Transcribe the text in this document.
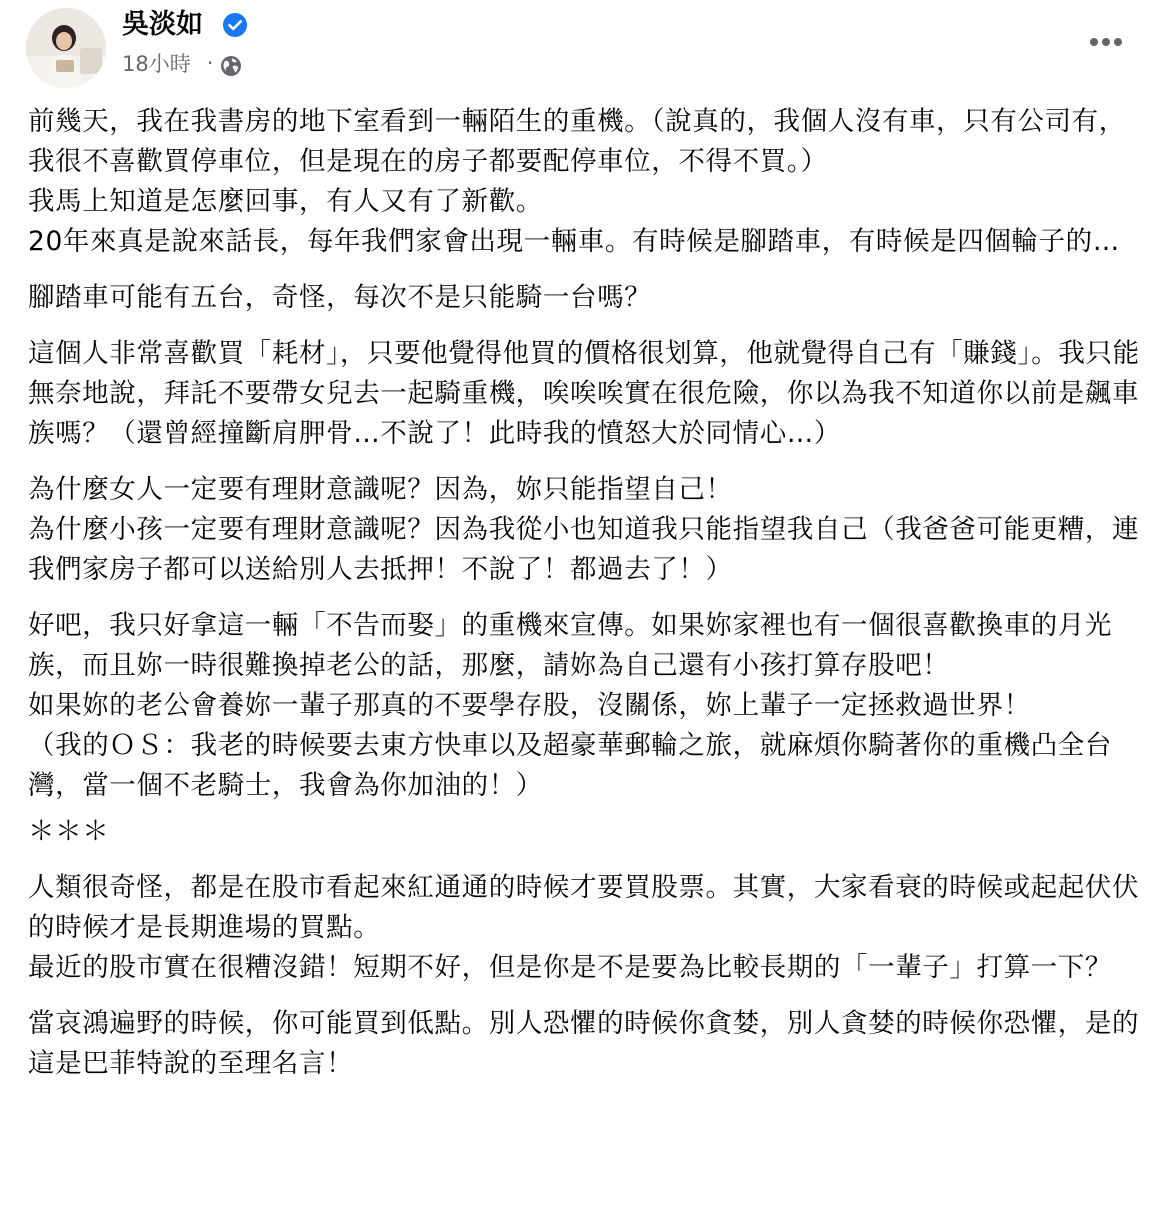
吳淡如
18小時 ·

前幾天，我在我書房的地下室看到一輛陌生的重機。（說真的，我個人沒有車，只有公司有，我很不喜歡買停車位，但是現在的房子都要配停車位，不得不買。）
我馬上知道是怎麼回事，有人又有了新歡。
20年來真是說來話長，每年我們家會出現一輛車。有時候是腳踏車，有時候是四個輪子的…

腳踏車可能有五台，奇怪，每次不是只能騎一台嗎？

這個人非常喜歡買「耗材」，只要他覺得他買的價格很划算，他就覺得自己有「賺錢」。我只能無奈地說，拜託不要帶女兒去一起騎重機，唉唉唉實在很危險，你以為我不知道你以前是飆車族嗎？（還曾經撞斷肩胛骨…不說了！此時我的憤怒大於同情心…）

為什麼女人一定要有理財意識呢？因為，妳只能指望自己！
為什麼小孩一定要有理財意識呢？因為我從小也知道我只能指望我自己（我爸爸可能更糟，連我們家房子都可以送給別人去抵押！不說了！都過去了！）

好吧，我只好拿這一輛「不告而娶」的重機來宣傳。如果妳家裡也有一個很喜歡換車的月光族，而且妳一時很難換掉老公的話，那麼，請妳為自己還有小孩打算存股吧！
如果妳的老公會養妳一輩子那真的不要學存股，沒關係，妳上輩子一定拯救過世界！
（我的ＯＳ：我老的時候要去東方快車以及超豪華郵輪之旅，就麻煩你騎著你的重機凸全台灣，當一個不老騎士，我會為你加油的！）

＊＊＊

人類很奇怪，都是在股市看起來紅通通的時候才要買股票。其實，大家看衰的時候或起起伏伏的時候才是長期進場的買點。
最近的股市實在很糟沒錯！短期不好，但是你是不是要為比較長期的「一輩子」打算一下？

當哀鴻遍野的時候，你可能買到低點。別人恐懼的時候你貪婪，別人貪婪的時候你恐懼，是的這是巴菲特說的至理名言！
